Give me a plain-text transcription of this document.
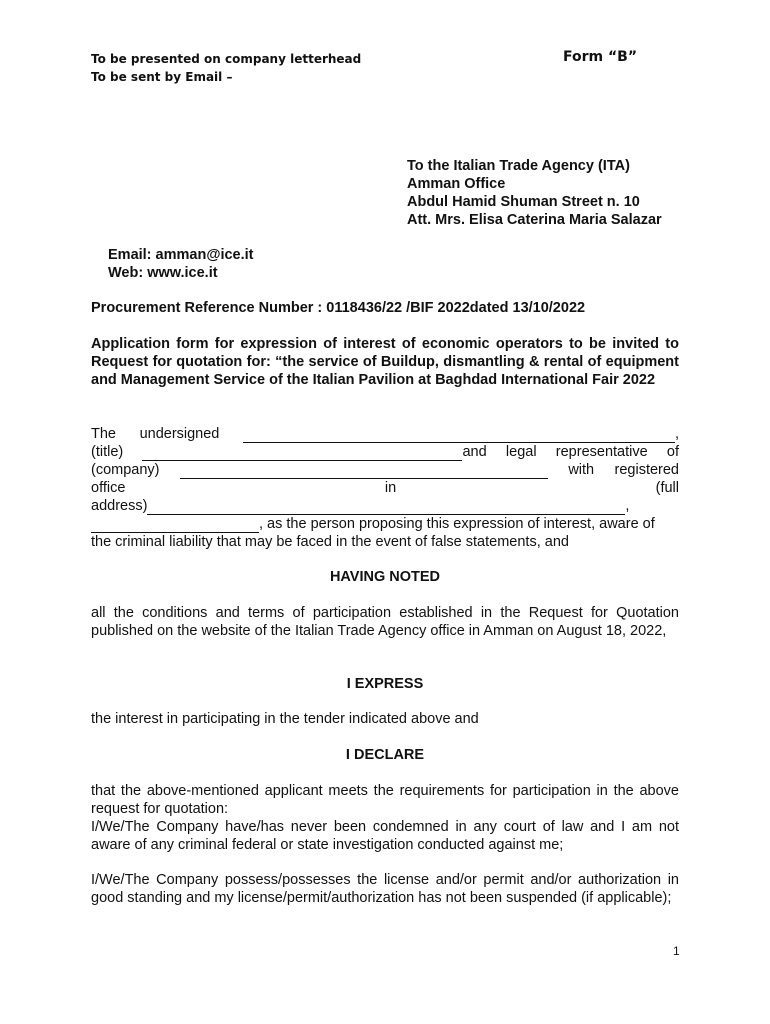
To be presented on company letterhead
To be sent by Email –
Form “B”
To the Italian Trade Agency (ITA)
Amman Office
Abdul Hamid Shuman Street n. 10
Att. Mrs. Elisa Caterina Maria Salazar
Email: amman@ice.it
Web: www.ice.it
Procurement Reference Number : 0118436/22 /BIF 2022dated 13/10/2022
Application form for expression of interest of economic operators to be invited to Request for quotation for: “the service of Buildup, dismantling & rental of equipment and Management Service of the Italian Pavilion at Baghdad International Fair 2022
The undersigned	,
(title)	and legal representative of
(company)	with registered
office	in	(full
address)	,
, as the person proposing this expression of interest, aware of
the criminal liability that may be faced in the event of false statements, and
HAVING NOTED
all the conditions and terms of participation established in the Request for Quotation published on the website of the Italian Trade Agency office in Amman on August 18, 2022,
I EXPRESS
the interest in participating in the tender indicated above and
I DECLARE
that the above-mentioned applicant meets the requirements for participation in the above request for quotation:
I/We/The Company have/has never been condemned in any court of law and I am not aware of any criminal federal or state investigation conducted against me;
I/We/The Company possess/possesses the license and/or permit and/or authorization in good standing and my license/permit/authorization has not been suspended (if applicable);
1
